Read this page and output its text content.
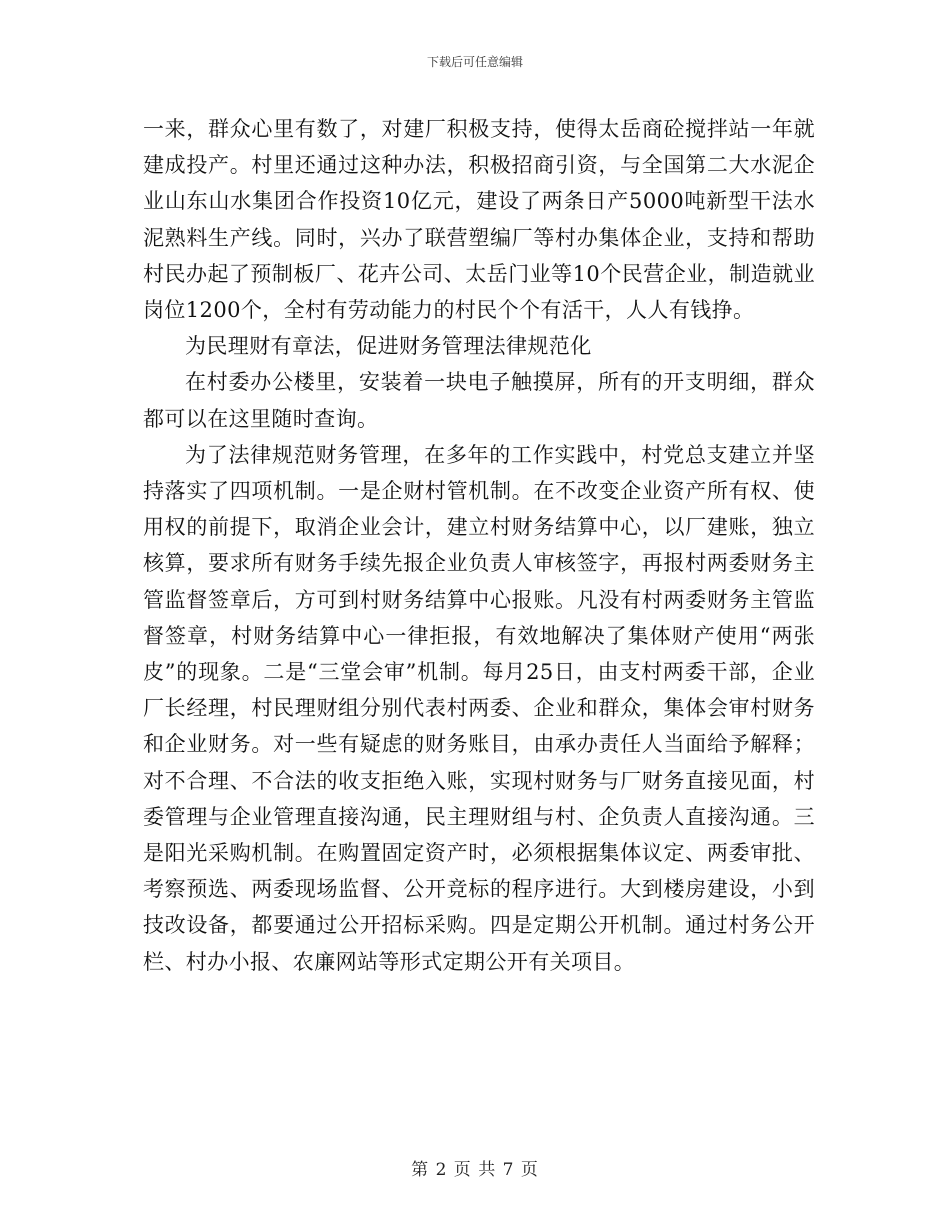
下载后可任意编辑

一来，群众心里有数了，对建厂积极支持，使得太岳商砼搅拌站一年就建成投产。村里还通过这种办法，积极招商引资，与全国第二大水泥企业山东山水集团合作投资10亿元，建设了两条日产5000吨新型干法水泥熟料生产线。同时，兴办了联营塑编厂等村办集体企业，支持和帮助村民办起了预制板厂、花卉公司、太岳门业等10个民营企业，制造就业岗位1200个，全村有劳动能力的村民个个有活干，人人有钱挣。

为民理财有章法，促进财务管理法律规范化

在村委办公楼里，安装着一块电子触摸屏，所有的开支明细，群众都可以在这里随时查询。

为了法律规范财务管理，在多年的工作实践中，村党总支建立并坚持落实了四项机制。一是企财村管机制。在不改变企业资产所有权、使用权的前提下，取消企业会计，建立村财务结算中心，以厂建账，独立核算，要求所有财务手续先报企业负责人审核签字，再报村两委财务主管监督签章后，方可到村财务结算中心报账。凡没有村两委财务主管监督签章，村财务结算中心一律拒报，有效地解决了集体财产使用“两张皮”的现象。二是“三堂会审”机制。每月25日，由支村两委干部，企业厂长经理，村民理财组分别代表村两委、企业和群众，集体会审村财务和企业财务。对一些有疑虑的财务账目，由承办责任人当面给予解释；对不合理、不合法的收支拒绝入账，实现村财务与厂财务直接见面，村委管理与企业管理直接沟通，民主理财组与村、企负责人直接沟通。三是阳光采购机制。在购置固定资产时，必须根据集体议定、两委审批、考察预选、两委现场监督、公开竞标的程序进行。大到楼房建设，小到技改设备，都要通过公开招标采购。四是定期公开机制。通过村务公开栏、村办小报、农廉网站等形式定期公开有关项目。

第 2 页 共 7 页
